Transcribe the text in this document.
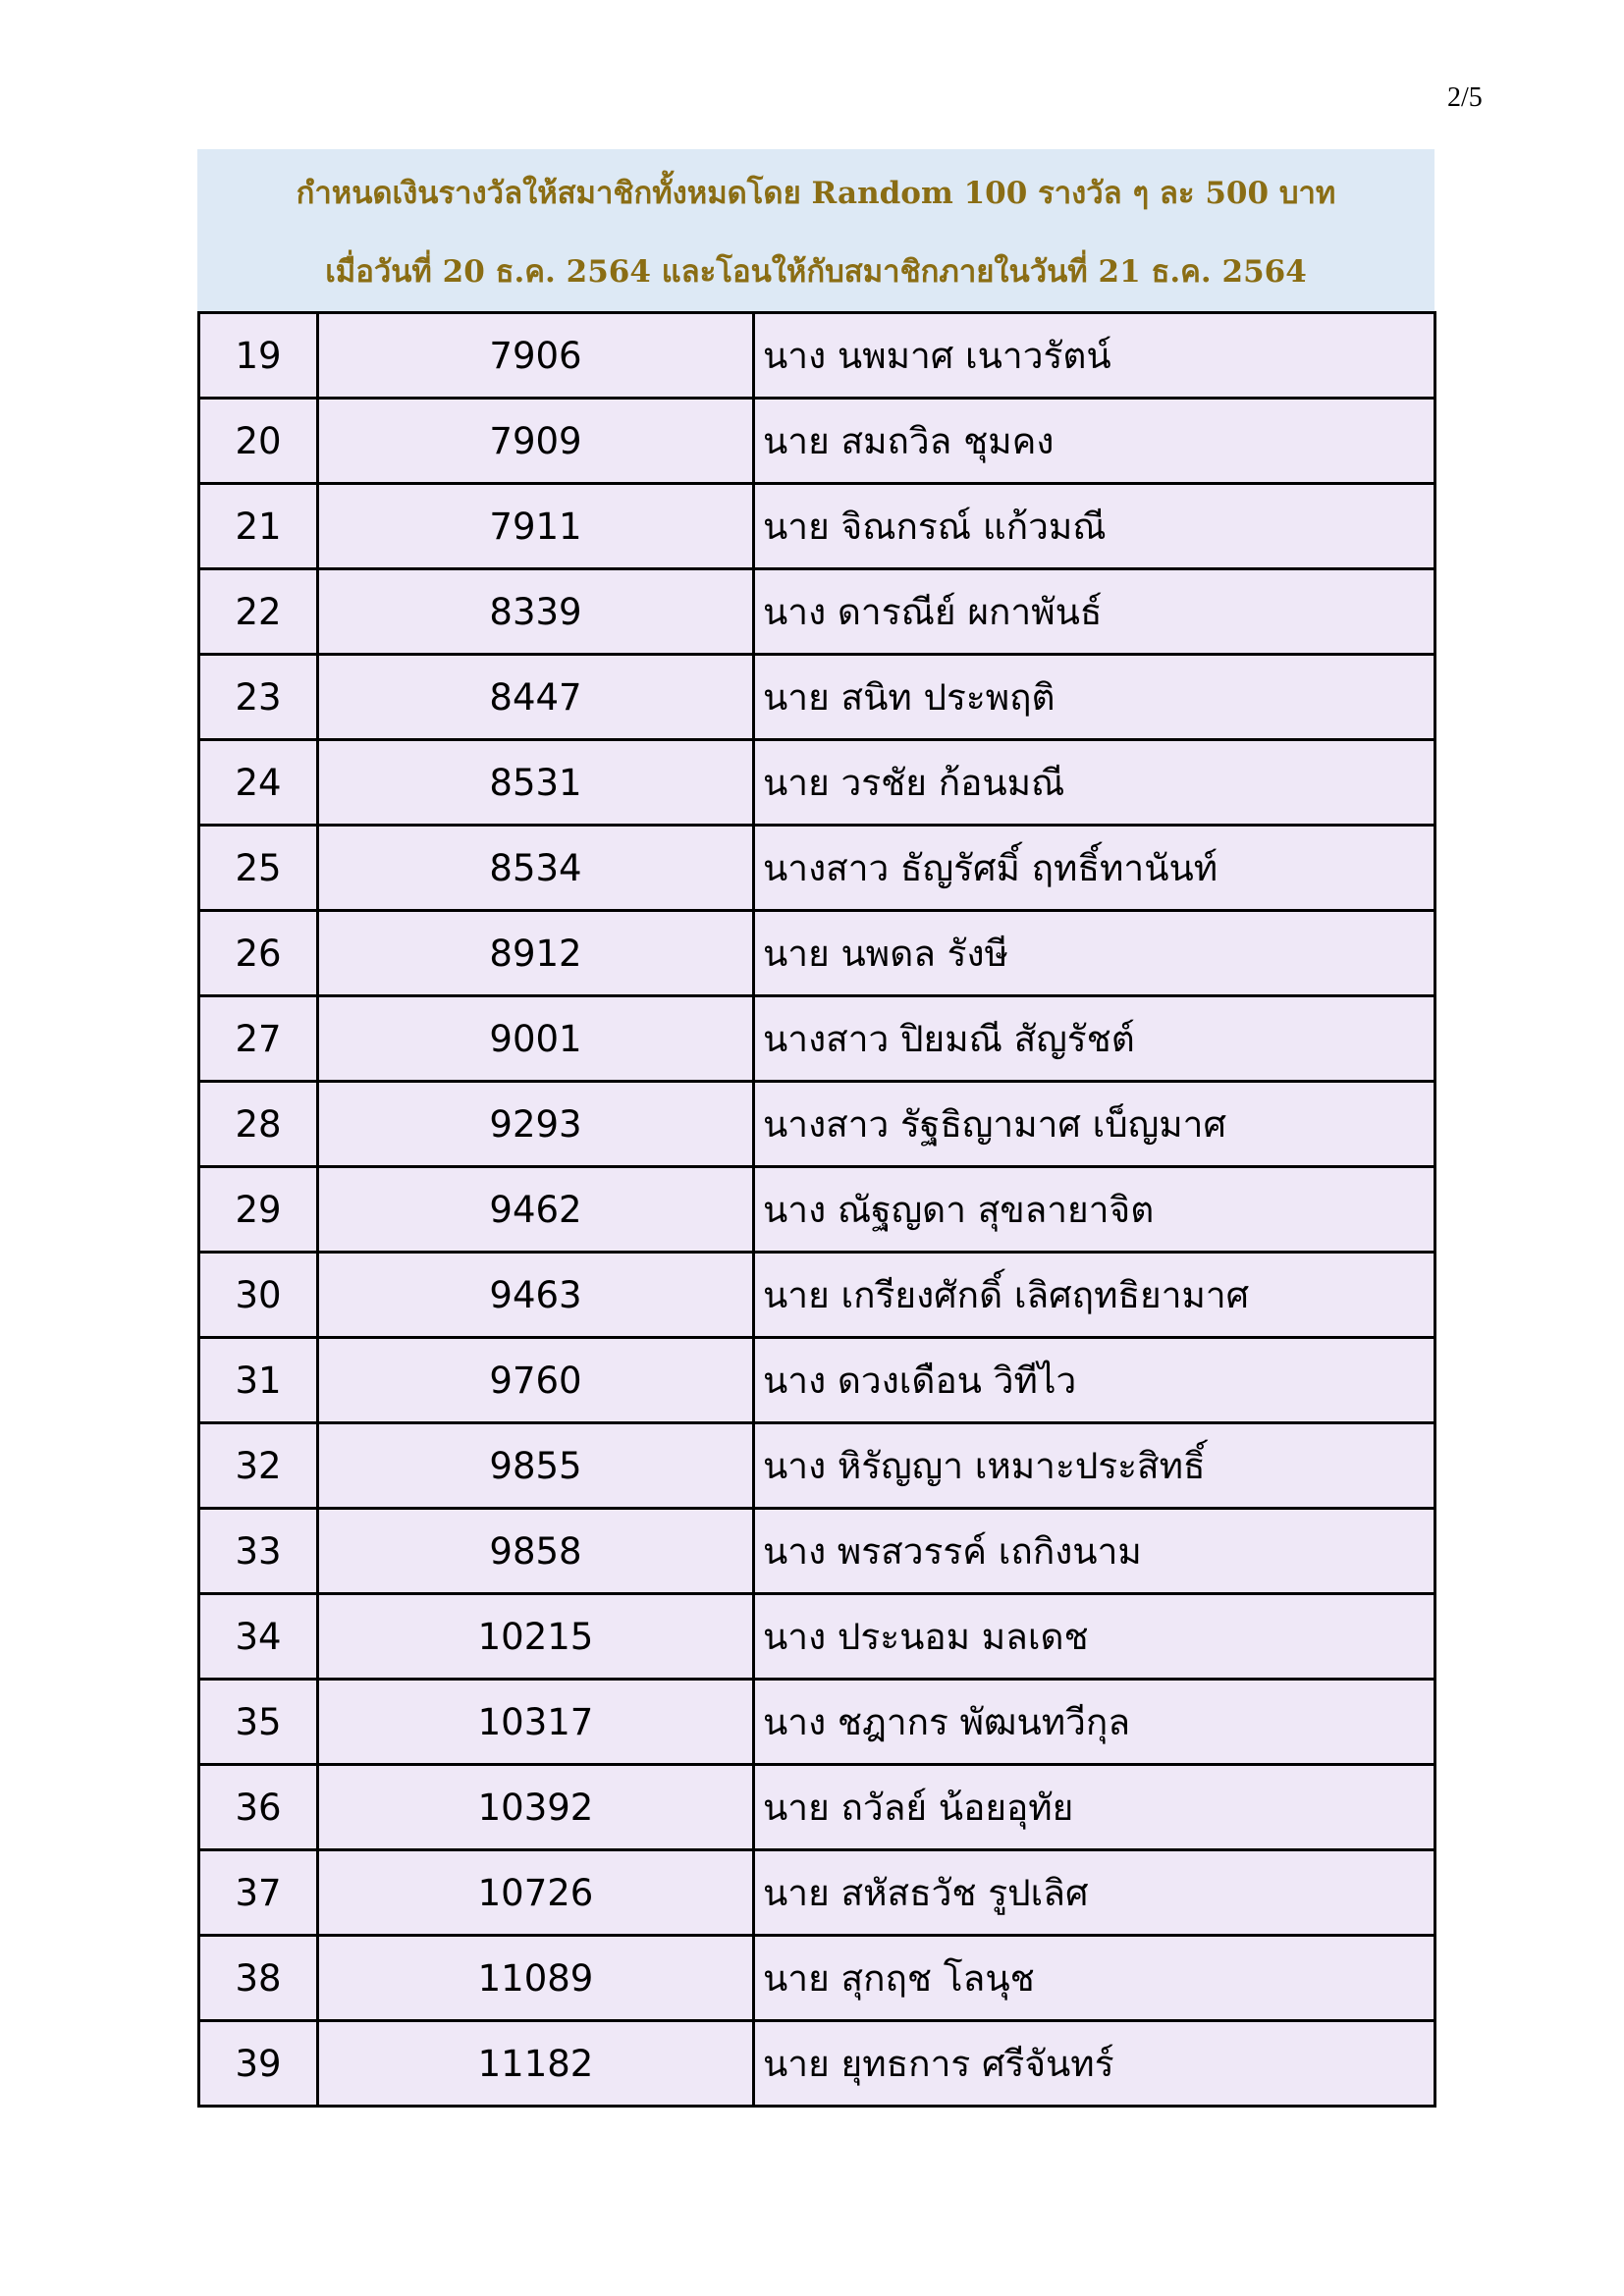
2/5
กำหนดเงินรางวัลให้สมาชิกทั้งหมดโดย Random 100 รางวัล ๆ ละ 500 บาท
เมื่อวันที่ 20 ธ.ค. 2564 และโอนให้กับสมาชิกภายในวันที่ 21 ธ.ค. 2564
19	7906	นาง นพมาศ เนาวรัตน์
20	7909	นาย สมถวิล ชุมคง
21	7911	นาย จิณกรณ์ แก้วมณี
22	8339	นาง ดารณีย์ ผกาพันธ์
23	8447	นาย สนิท ประพฤติ
24	8531	นาย วรชัย ก้อนมณี
25	8534	นางสาว ธัญรัศมิ์ ฤทธิ์ทานันท์
26	8912	นาย นพดล รังษี
27	9001	นางสาว ปิยมณี สัญรัชต์
28	9293	นางสาว รัฐธิญามาศ เบ็ญมาศ
29	9462	นาง ณัฐญดา สุขลายาจิต
30	9463	นาย เกรียงศักดิ์ เลิศฤทธิยามาศ
31	9760	นาง ดวงเดือน วิทีไว
32	9855	นาง หิรัญญา เหมาะประสิทธิ์
33	9858	นาง พรสวรรค์ เถกิงนาม
34	10215	นาง ประนอม มลเดช
35	10317	นาง ชฎากร พัฒนทวีกุล
36	10392	นาย ถวัลย์ น้อยอุทัย
37	10726	นาย สหัสธวัช รูปเลิศ
38	11089	นาย สุกฤช โลนุช
39	11182	นาย ยุทธการ ศรีจันทร์
